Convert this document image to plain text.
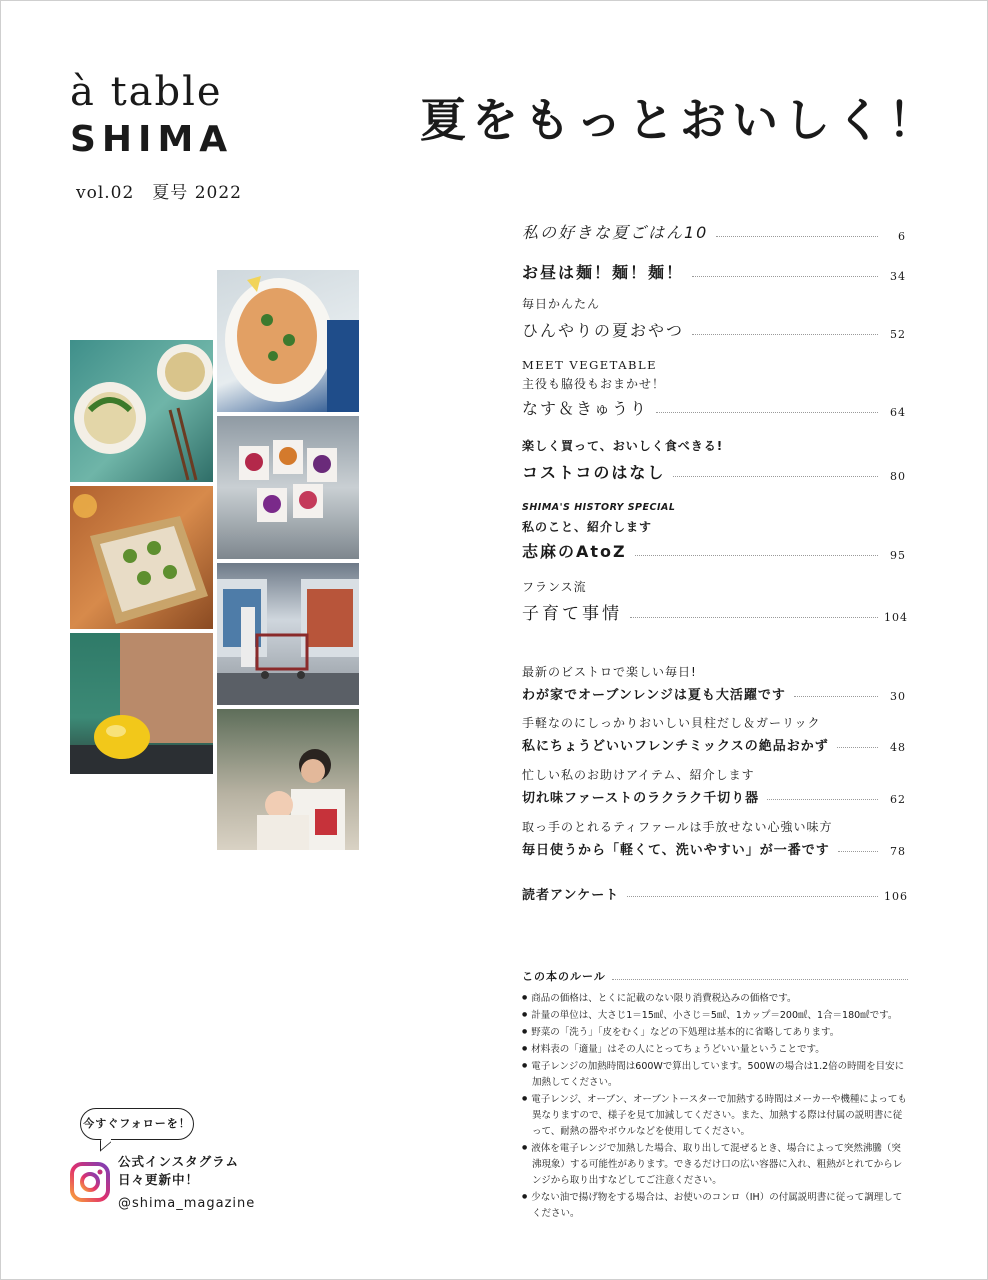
à table
SHIMA
vol.02　夏号 2022
夏をもっとおいしく！
私の好きな夏ごはん10	6
お昼は麺！麺！麺！	34
毎日かんたん
ひんやりの夏おやつ	52
MEET VEGETABLE
主役も脇役もおまかせ！
なす＆きゅうり	64
楽しく買って、おいしく食べきる!
コストコのはなし	80
SHIMA'S HISTORY SPECIAL
私のこと、紹介します
志麻のAtoZ	95
フランス流
子育て事情	104
最新のビストロで楽しい毎日!
わが家でオーブンレンジは夏も大活躍です	30
手軽なのにしっかりおいしい貝柱だし＆ガーリック
私にちょうどいいフレンチミックスの絶品おかず	48
忙しい私のお助けアイテム、紹介します
切れ味ファーストのラクラク千切り器	62
取っ手のとれるティファールは手放せない心強い味方
毎日使うから「軽くて、洗いやすい」が一番です	78
読者アンケート	106
この本のルール
● 商品の価格は、とくに記載のない限り消費税込みの価格です。
● 計量の単位は、大さじ1＝15㎖、小さじ＝5㎖、1カップ＝200㎖、1合＝180㎖です。
● 野菜の「洗う」「皮をむく」などの下処理は基本的に省略してあります。
● 材料表の「適量」はその人にとってちょうどいい量ということです。
● 電子レンジの加熱時間は600Wで算出しています。500Wの場合は1.2倍の時間を目安に加熱してください。
● 電子レンジ、オーブン、オーブントースターで加熱する時間はメーカーや機種によっても異なりますので、様子を見て加減してください。また、加熱する際は付属の説明書に従って、耐熱の器やボウルなどを使用してください。
● 液体を電子レンジで加熱した場合、取り出して混ぜるとき、場合によって突然沸騰（突沸現象）する可能性があります。できるだけ口の広い容器に入れ、粗熱がとれてからレンジから取り出すなどしてご注意ください。
● 少ない油で揚げ物をする場合は、お使いのコンロ（IH）の付属説明書に従って調理してください。
今すぐフォローを！
公式インスタグラム
日々更新中！
@shima_magazine
